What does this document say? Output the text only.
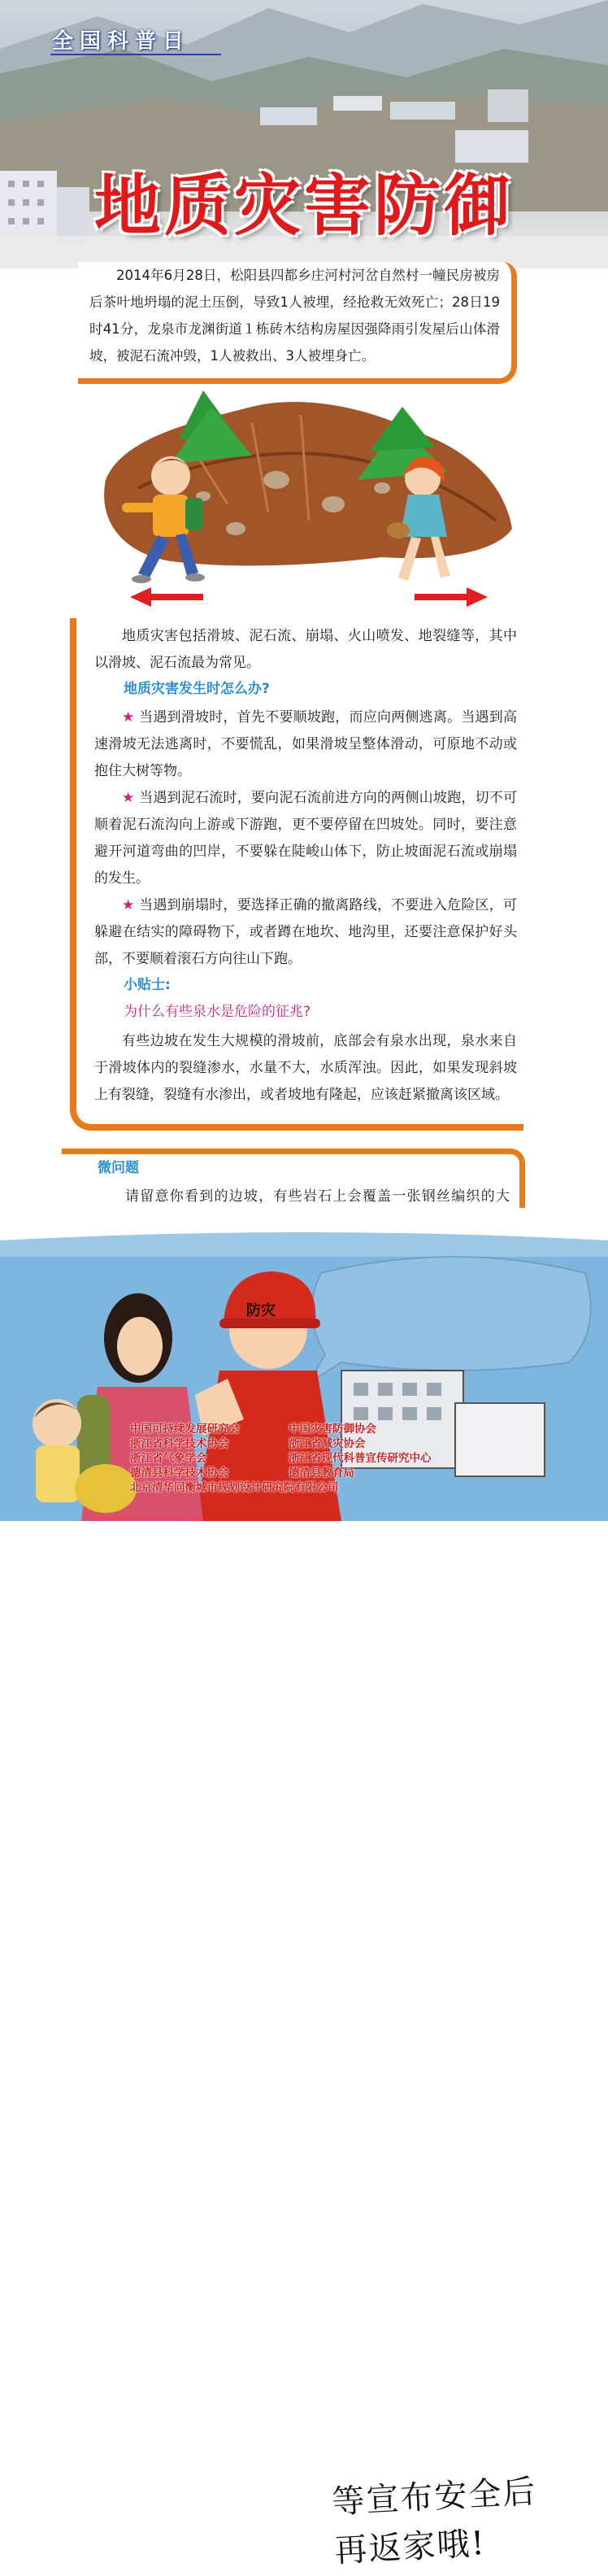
全国科普日
地质灾害防御

2014年6月28日，松阳县四都乡庄河村河岔自然村一幢民房被房后茶叶地坍塌的泥土压倒，导致1人被埋，经抢救无效死亡；28日19时41分，龙泉市龙渊街道１栋砖木结构房屋因强降雨引发屋后山体滑坡，被泥石流冲毁，1人被救出、3人被埋身亡。

地质灾害包括滑坡、泥石流、崩塌、火山喷发、地裂缝等，其中以滑坡、泥石流最为常见。

地质灾害发生时怎么办?

★ 当遇到滑坡时，首先不要顺坡跑，而应向两侧逃离。当遇到高速滑坡无法逃离时，不要慌乱，如果滑坡呈整体滑动，可原地不动或抱住大树等物。

★ 当遇到泥石流时，要向泥石流前进方向的两侧山坡跑，切不可顺着泥石流沟向上游或下游跑，更不要停留在凹坡处。同时，要注意避开河道弯曲的凹岸，不要躲在陡峻山体下，防止坡面泥石流或崩塌的发生。

★ 当遇到崩塌时，要选择正确的撤离路线，不要进入危险区，可躲避在结实的障碍物下，或者蹲在地坎、地沟里，还要注意保护好头部，不要顺着滚石方向往山下跑。

小贴士:
为什么有些泉水是危险的征兆?

有些边坡在发生大规模的滑坡前，底部会有泉水出现，泉水来自于滑坡体内的裂缝渗水，水量不大，水质浑浊。因此，如果发现斜坡上有裂缝，裂缝有水渗出，或者坡地有隆起，应该赶紧撤离该区域。

微问题

请留意你看到的边坡，有些岩石上会覆盖一张钢丝编织的大

等宣布安全后
再返家哦!
防灾
中国可持续发展研究会	中国灾害防御协会
浙江省科学技术协会	浙江省减灾协会
浙江省气象学会	浙江省现代科普宣传研究中心
德清县科学技术协会	德清县教育局
北京清华同衡城市规划设计研究院有限公司
